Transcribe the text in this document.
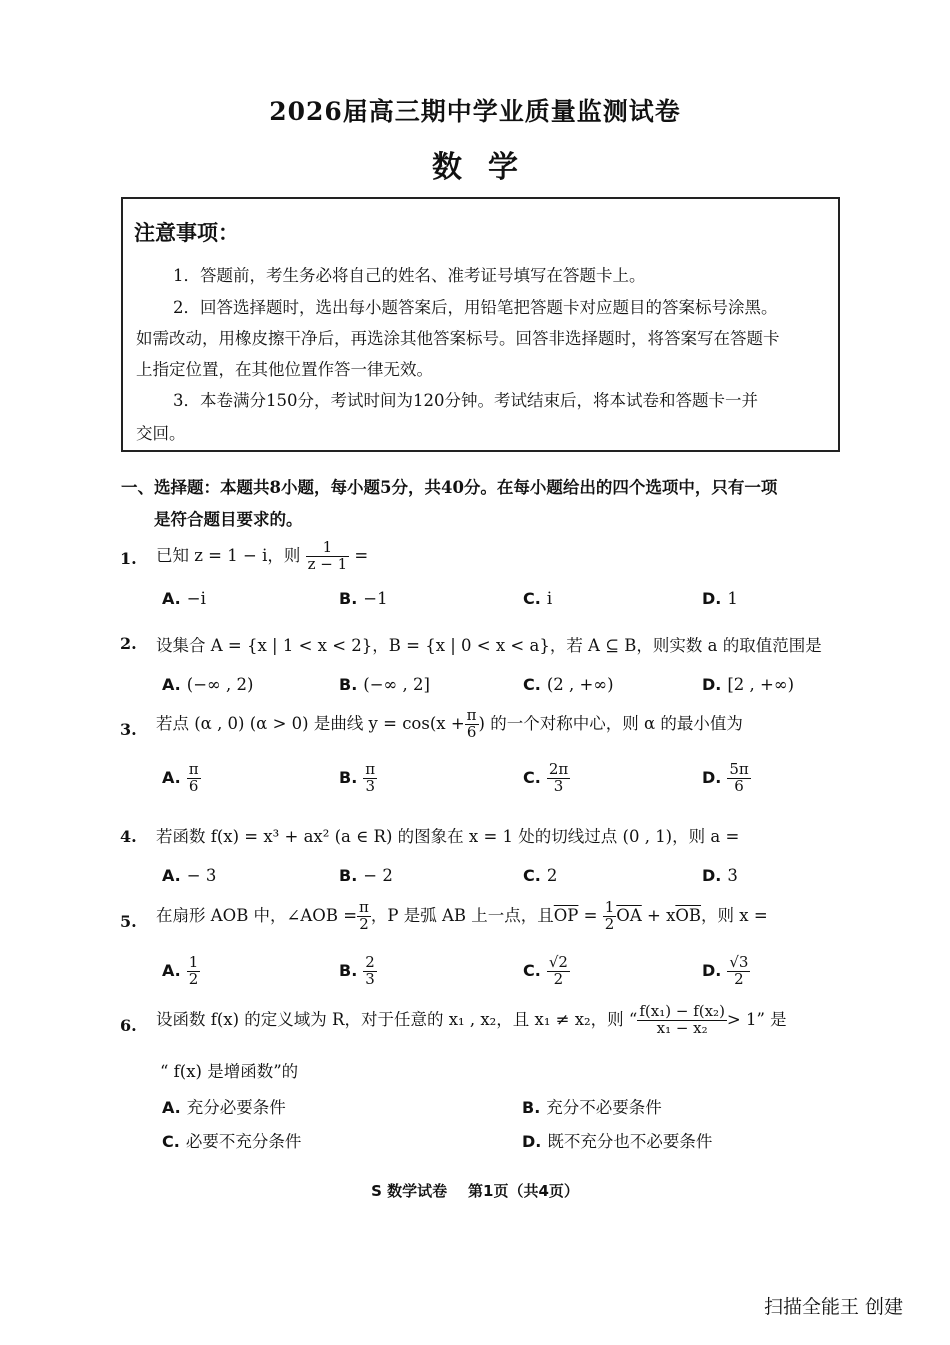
2026届高三期中学业质量监测试卷
数学
注意事项：
1．答题前，考生务必将自己的姓名、准考证号填写在答题卡上。
2．回答选择题时，选出每小题答案后，用铅笔把答题卡对应题目的答案标号涂黑。
如需改动，用橡皮擦干净后，再选涂其他答案标号。回答非选择题时，将答案写在答题卡
上指定位置，在其他位置作答一律无效。
3．本卷满分150分，考试时间为120分钟。考试结束后，将本试卷和答题卡一并
交回。
一、选择题：本题共8小题，每小题5分，共40分。在每小题给出的四个选项中，只有一项
是符合题目要求的。
1. 已知 z = 1 − i，则 $\frac{1}{z - 1}$ =
A. −i	B. −1	C. i	D. 1
2. 设集合 A = {x | 1 < x < 2}，B = {x | 0 < x < a}，若 A ⊆ B，则实数 a 的取值范围是
A. (−∞ , 2)	B. (−∞ , 2]	C. (2 , +∞)	D. [2 , +∞)
3. 若点 (α , 0) (α > 0) 是曲线 $y = \cos(x + \frac{\pi}{6}$ ) 的一个对称中心，则 α 的最小值为
A. $\frac{\pi}{6}$	B. $\frac{\pi}{3}$	C. $\frac{2\pi}{3}$	D. $\frac{5\pi}{6}$
4. 若函数 f(x) = x³ + ax² (a ∈ R) 的图象在 x = 1 处的切线过点 (0 , 1)，则 a =
A. − 3	B. − 2	C. 2	D. 3
5. 在扇形 AOB 中，∠AOB = $\frac{\pi}{2}$ ，P 是弧 AB 上一点，且$\overline{OP} = \frac{1}{2} \overline{OA} + x\overline{OB}$，则 x =
A. $\frac{1}{2}$	B. $\frac{2}{3}$	C. $\frac{√2}{2}$	D. $\frac{√3}{2}$
6. 设函数 f(x) 的定义域为 R，对于任意的 x₁ , x₂，且 x₁ ≠ x₂，则 “ $\frac{\text{f(x₁) − f(x₂)}}{\text{x₁ − x₂}} > 1$” 是
“ f(x) 是增函数”的
A. 充分必要条件	B. 充分不必要条件
C. 必要不充分条件	D. 既不充分也不必要条件
S 数学试卷    第1页（共4页）
扫描全能王 创建
